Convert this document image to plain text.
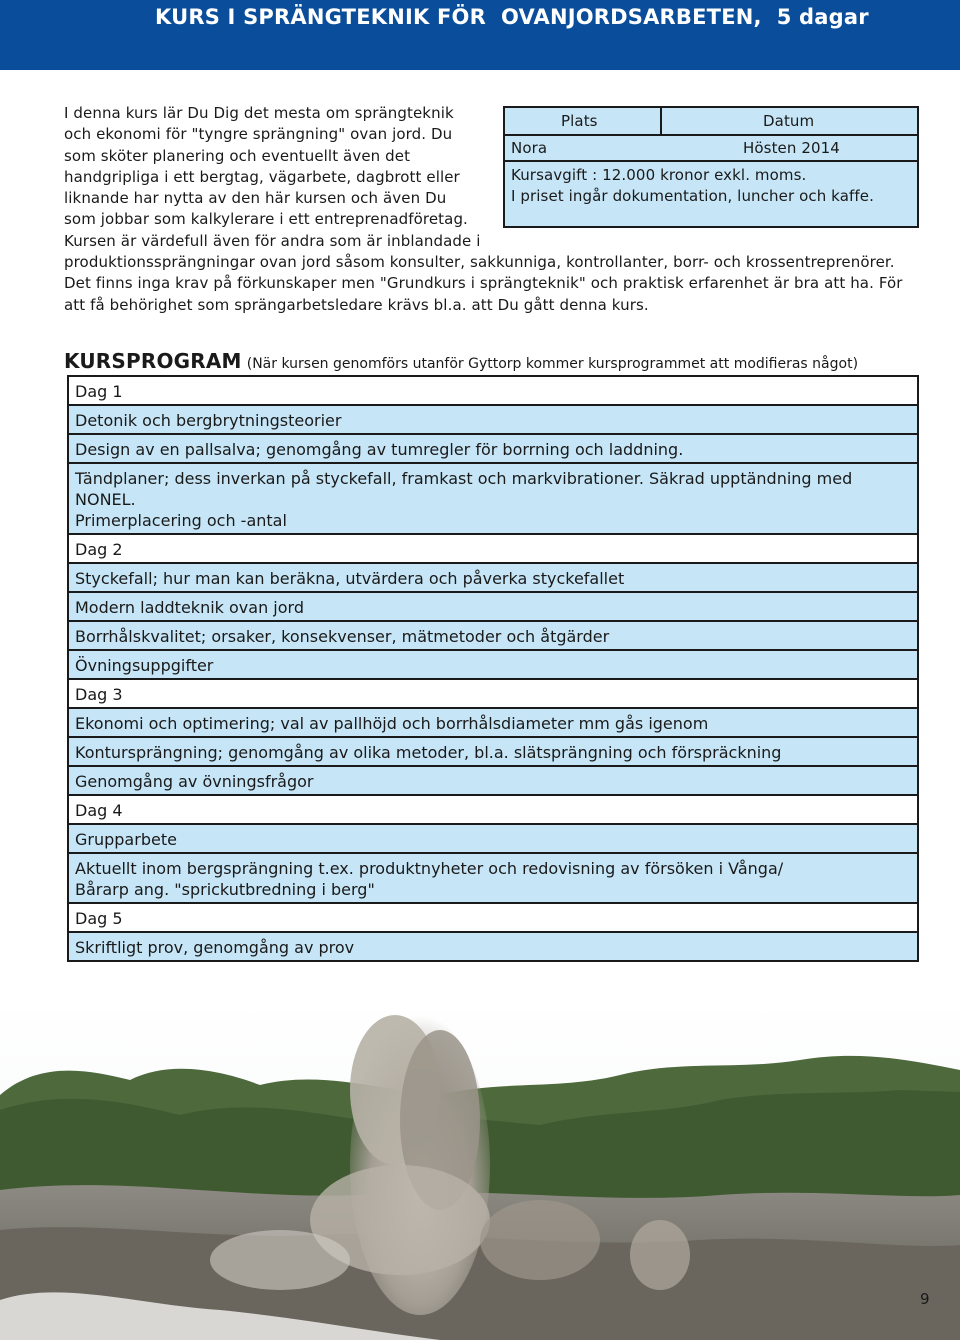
KURS I SPRÄNGTEKNIK FÖR  OVANJORDSARBETEN,  5 dagar
Plats	Datum
Nora	Hösten 2014
Kursavgift : 12.000 kronor exkl. moms.
I priset ingår dokumentation, luncher och kaffe.

I denna kurs lär Du Dig det mesta om sprängteknik och ekonomi för "tyngre sprängning" ovan jord. Du som sköter planering och eventuellt även det handgripliga i ett bergtag, vägarbete, dagbrott eller liknande har nytta av den här kursen och även Du som jobbar som kalkylerare i ett entreprenadföretag. Kursen är värdefull även för andra som är inblandade i produktionssprängningar ovan jord såsom konsulter, sakkunniga, kontrollanter, borr- och krossentreprenörer. Det finns inga krav på förkunskaper men "Grundkurs i sprängteknik" och praktisk erfarenhet är bra att ha. För att få behörighet som sprängarbetsledare krävs bl.a. att Du gått denna kurs.

KURSPROGRAM (När kursen genomförs utanför Gyttorp kommer kursprogrammet att modifieras något)
Dag 1
Detonik och bergbrytningsteorier
Design av en pallsalva; genomgång av tumregler för borrning och laddning.
Tändplaner; dess inverkan på styckefall, framkast och markvibrationer. Säkrad upptändning med NONEL.
Primerplacering och -antal
Dag 2
Styckefall; hur man kan beräkna, utvärdera och påverka styckefallet
Modern laddteknik ovan jord
Borrhålskvalitet; orsaker, konsekvenser, mätmetoder och åtgärder
Övningsuppgifter
Dag 3
Ekonomi och optimering; val av pallhöjd och borrhålsdiameter mm gås igenom
Kontursprängning; genomgång av olika metoder, bl.a. slätsprängning och förspräckning
Genomgång av övningsfrågor
Dag 4
Grupparbete
Aktuellt inom bergsprängning t.ex. produktnyheter och redovisning av försöken i Vånga/
Bårarp ang. "sprickutbredning i berg"
Dag 5
Skriftligt prov, genomgång av prov
9
